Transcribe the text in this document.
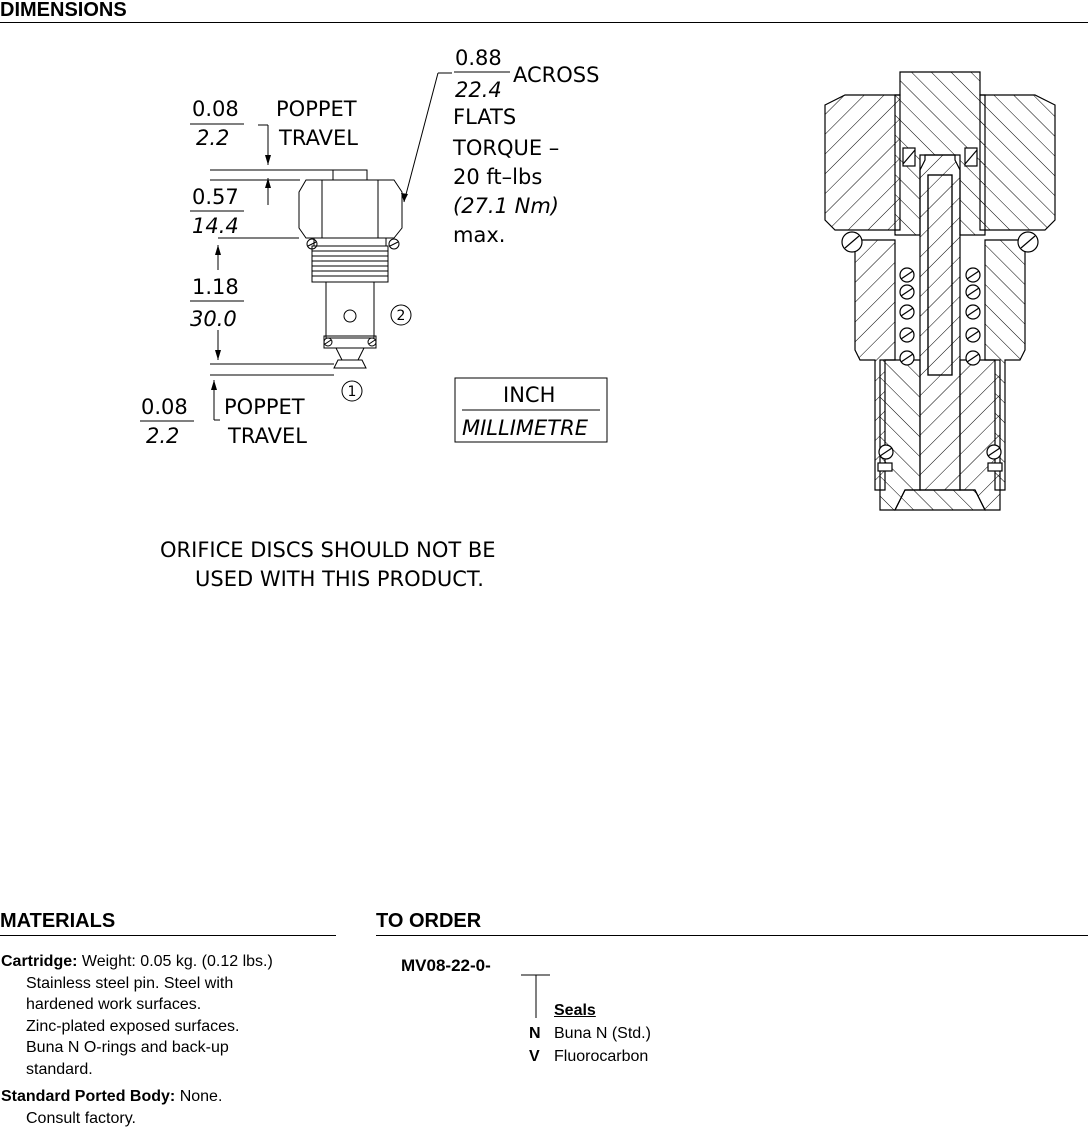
DIMENSIONS
0.08
2.2
POPPET
TRAVEL
0.57
14.4
1.18
30.0
0.08
2.2
POPPET
TRAVEL
0.88
22.4
ACROSS
FLATS
TORQUE –
20 ft–lbs
(27.1 Nm)
max.
INCH
MILLIMETRE
ORIFICE DISCS SHOULD NOT BE
USED WITH THIS PRODUCT.
2
1
MATERIALS
Cartridge: Weight: 0.05 kg. (0.12 lbs.)
Stainless steel pin. Steel with
hardened work surfaces.
Zinc-plated exposed surfaces.
Buna N O-rings and back-up
standard.
Standard Ported Body: None.
Consult factory.
TO ORDER
MV08-22-0-
Seals
N Buna N (Std.)
V Fluorocarbon
